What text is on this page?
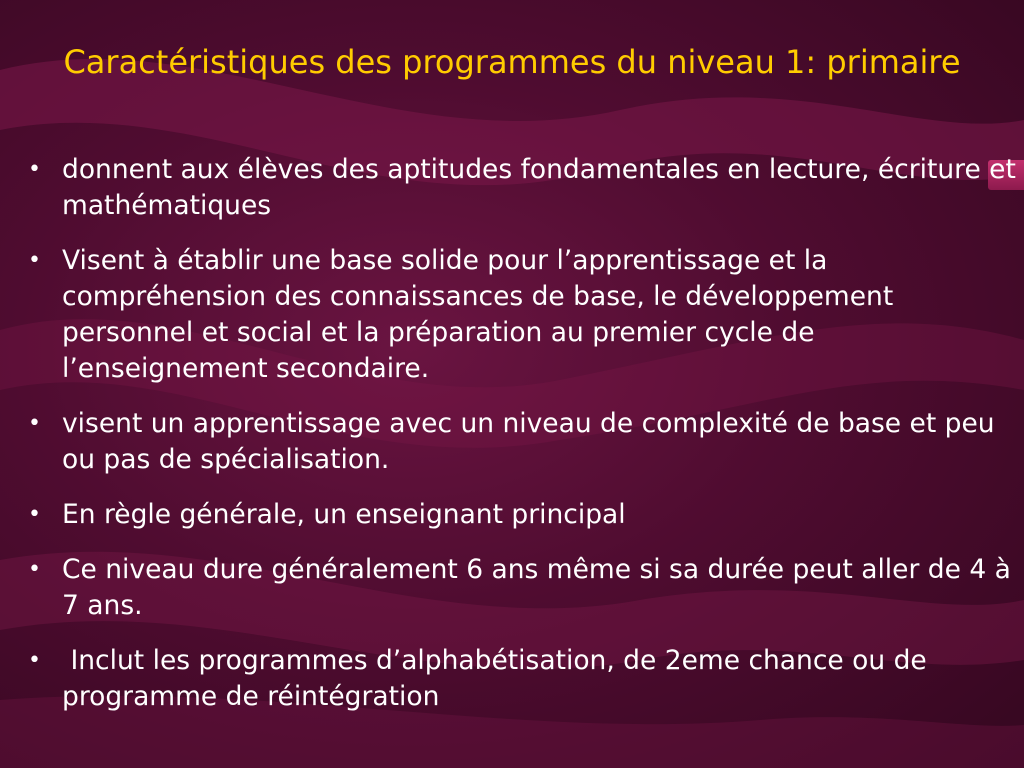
Caractéristiques des programmes du niveau 1: primaire
• donnent aux élèves des aptitudes fondamentales en lecture, écriture et mathématiques
• Visent à établir une base solide pour l’apprentissage et la compréhension des connaissances de base, le développement personnel et social et la préparation au premier cycle de l’enseignement secondaire.
• visent un apprentissage avec un niveau de complexité de base et peu ou pas de spécialisation.
• En règle générale, un enseignant principal
• Ce niveau dure généralement 6 ans même si sa durée peut aller de 4 à 7 ans.
• Inclut les programmes d’alphabétisation, de 2eme chance ou de programme de réintégration
